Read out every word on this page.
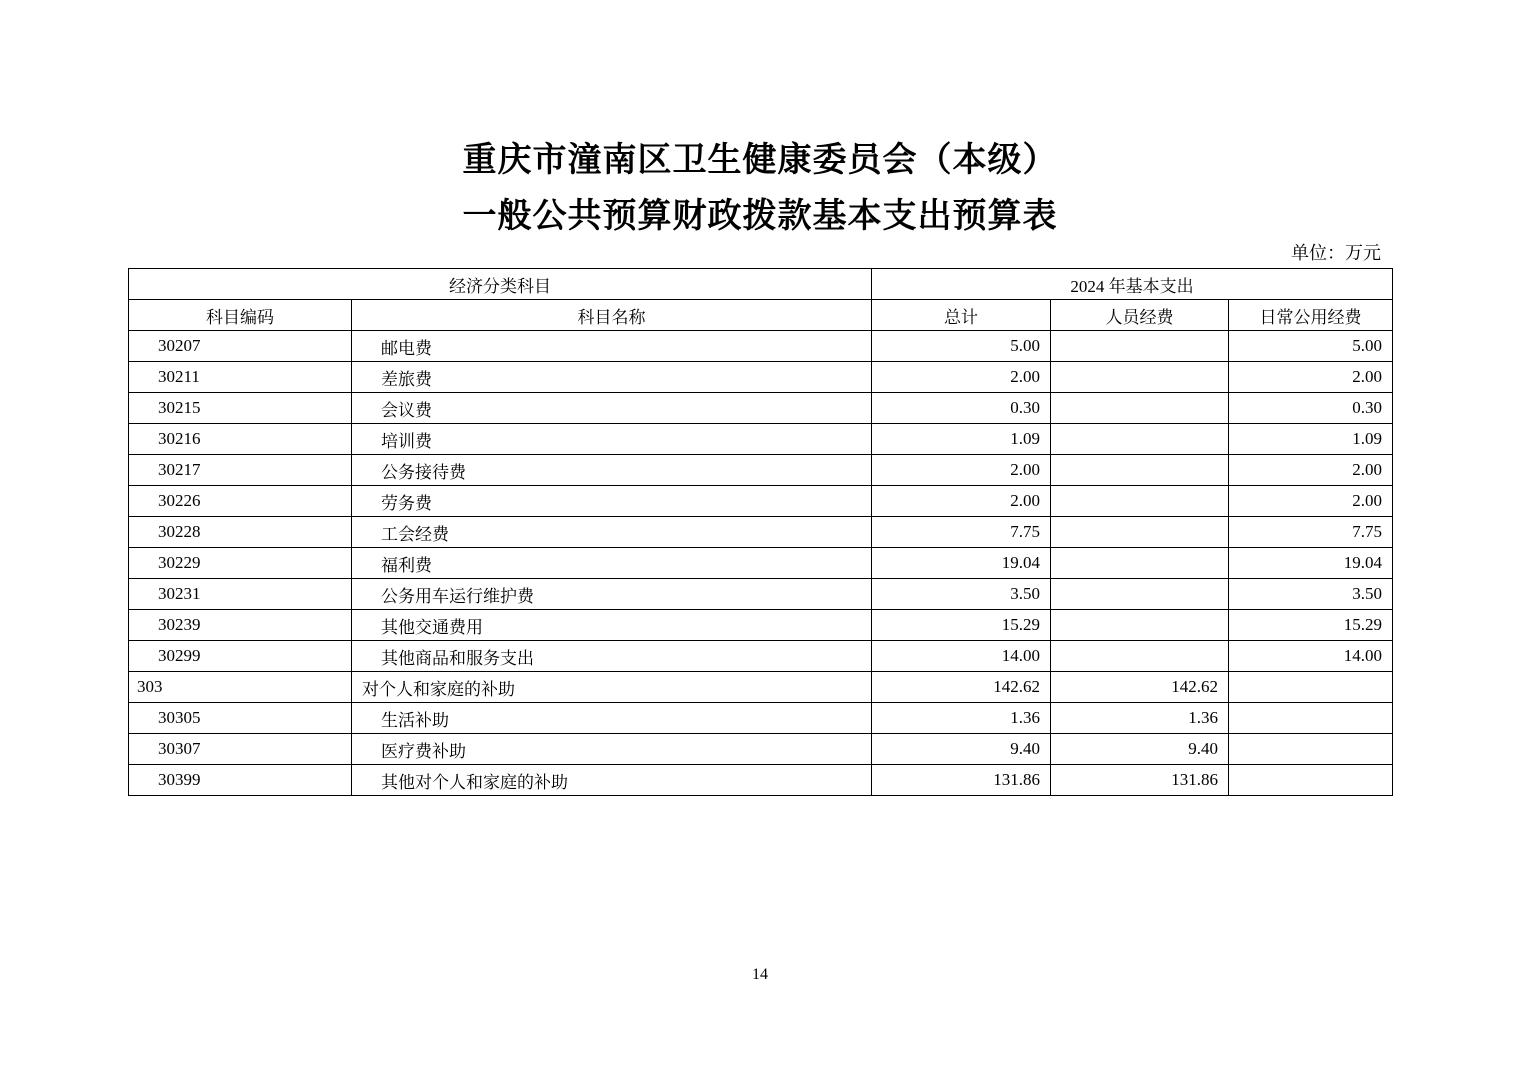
重庆市潼南区卫生健康委员会（本级）
一般公共预算财政拨款基本支出预算表
单位：万元
经济分类科目		2024 年基本支出		
科目编码	科目名称	总计	人员经费	日常公用经费
30207	邮电费	5.00		5.00
30211	差旅费	2.00		2.00
30215	会议费	0.30		0.30
30216	培训费	1.09		1.09
30217	公务接待费	2.00		2.00
30226	劳务费	2.00		2.00
30228	工会经费	7.75		7.75
30229	福利费	19.04		19.04
30231	公务用车运行维护费	3.50		3.50
30239	其他交通费用	15.29		15.29
30299	其他商品和服务支出	14.00		14.00
303	对个人和家庭的补助	142.62	142.62	
30305	生活补助	1.36	1.36	
30307	医疗费补助	9.40	9.40	
30399	其他对个人和家庭的补助	131.86	131.86	
14
